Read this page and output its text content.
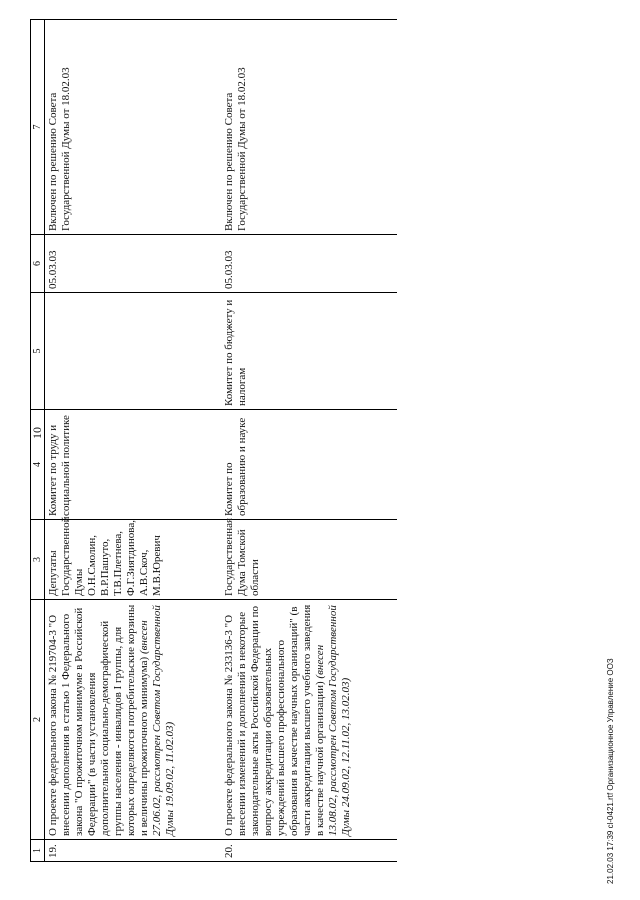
10
1	2	3	4	5	6	7
19.	О проекте федерального закона № 219704-3 "О внесении дополнения в статью 1 Федерального закона "О прожиточном минимуме в Российской Федерации" (в части установления дополнительной социально-демографической группы населения - инвалидов I группы, для которых определяются потребительские корзины и величины прожиточного минимума) (внесен 27.06.02, рассмотрен Советом Государственной Думы 19.09.02, 11.02.03)	Депутаты Государственной Думы О.Н.Смолин, В.Р.Пашуто, Т.В.Плетнева, Ф.Г.Зиятдинова, А.В.Скоч, М.В.Юревич	Комитет по труду и социальной политике		05.03.03	Включен по решению Совета Государственной Думы от 18.02.03
20.	О проекте федерального закона № 233136-3 "О внесении изменений и дополнений в некоторые законодательные акты Российской Федерации по вопросу аккредитации образовательных учреждений высшего профессионального образования в качестве научных организаций" (в части аккредитации высшего учебного заведения в качестве научной организации) (внесен 13.08.02, рассмотрен Советом Государственной Думы 24.09.02, 12.11.02, 13.02.03)	Государственная Дума Томской области	Комитет по образованию и науке	Комитет по бюджету и налогам	05.03.03	Включен по решению Совета Государственной Думы от 18.02.03
21.02.03 17:39 cl-0421.rtf Организационное Управление ООЗ
